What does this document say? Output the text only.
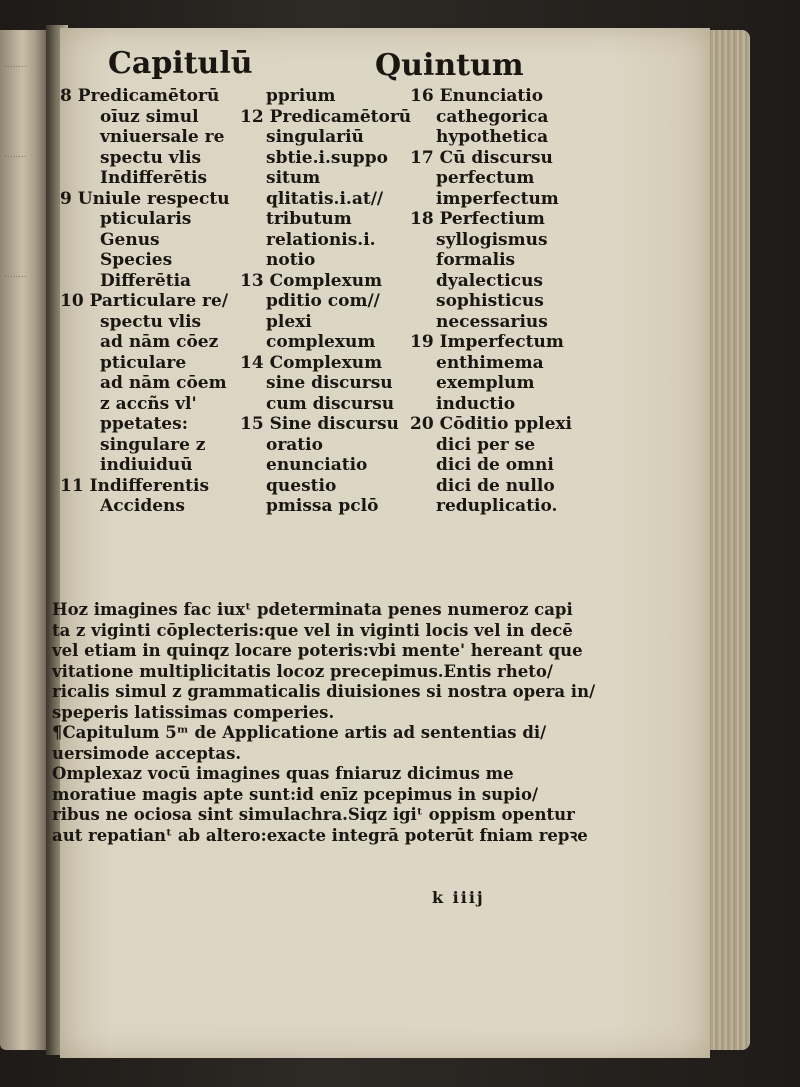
........
........
........
Capitulū	Quintum
8 Predicamētorū
oīuz simul
vniuersale re
spectu vlis
Indifferētis
9 Uniule respectu
pticularis
Genus
Species
Differētia
10 Particulare re/
spectu vlis
ad nām cōez
pticulare
ad nām cōem
z accñs vl'
ppetates:
singulare z
indiuiduū
11 Indifferentis
Accidens
pprium
12 Predicamētorū
singulariū
sbtie.i.suppo
situm
qlitatis.i.at//
tributum
relationis.i.
notio
13 Complexum
pditio com//
plexi
complexum
14 Complexum
sine discursu
cum discursu
15 Sine discursu
oratio
enunciatio
questio
pmissa pclō
16 Enunciatio
cathegorica
hypothetica
17 Cū discursu
perfectum
imperfectum
18 Perfectium
syllogismus
formalis
dyalecticus
sophisticus
necessarius
19 Imperfectum
enthimema
exemplum
inductio
20 Cōditio pplexi
dici per se
dici de omni
dici de nullo
reduplicatio.
Hoz imagines fac iuxᵗ pdeterminata penes numeroz capi
ta z viginti cōplecteris:que vel in viginti locis vel in decē
vel etiam in quinqz locare poteris:vbi mente' hereant que
vitatione multiplicitatis locoz precepimus.Entis rheto/
ricalis simul z grammaticalis diuisiones si nostra opera in/
speꝑeris latissimas comperies.
¶Capitulum 5ᵐ de Applicatione artis ad sententias di/
uersimode acceptas.
Omplexaz vocū imagines quas fniaruz dicimus me
moratiue magis apte sunt:id enīz pcepimus in supio/
ribus ne ociosa sint simulachra.Siqz igiᵗ oppism opentur
aut repatianᵗ ab altero:exacte integrā poterūt fniam repꝛe
k iiij
